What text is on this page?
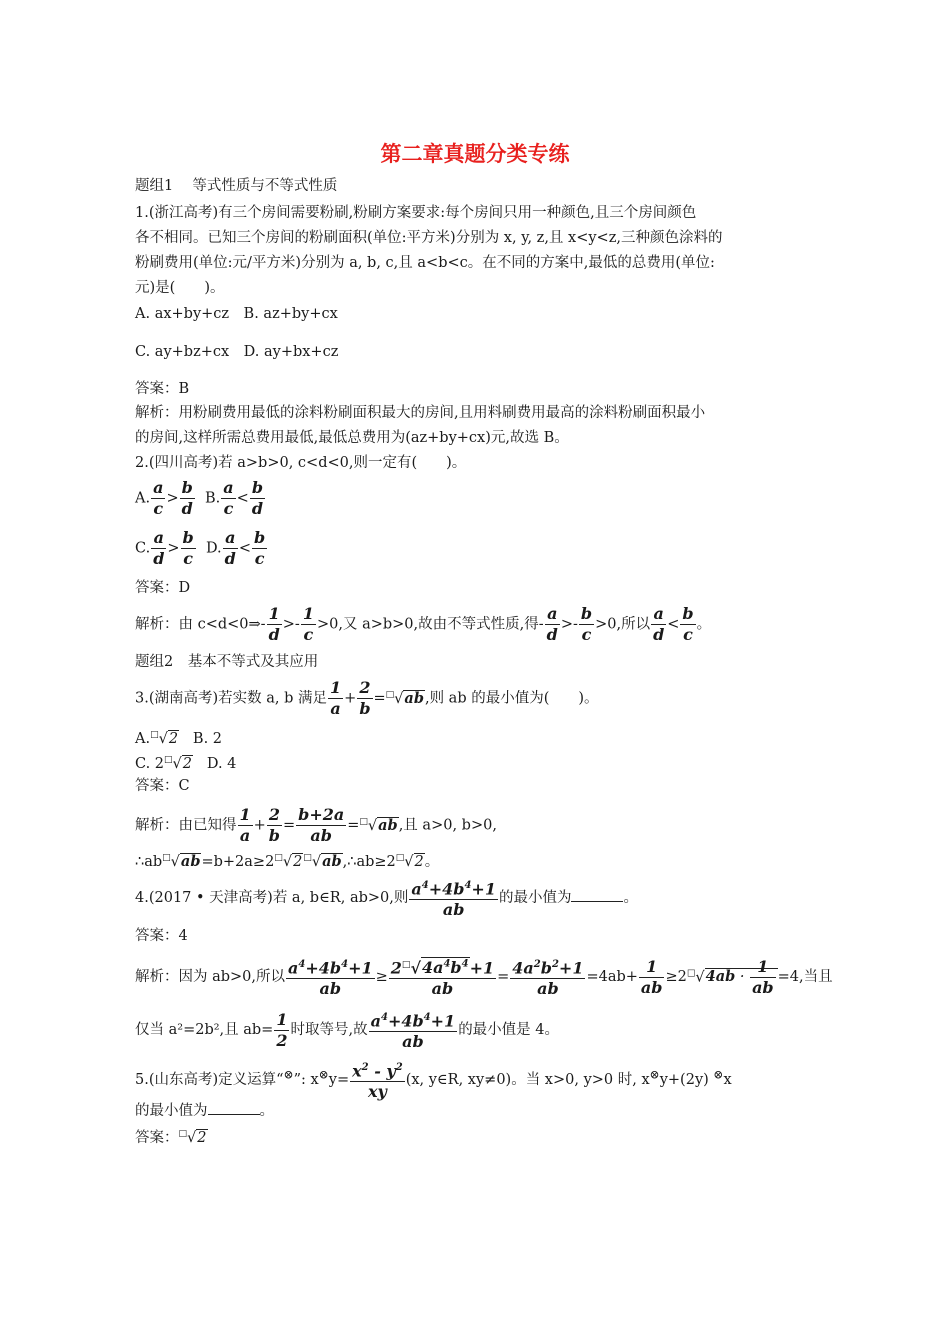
第二章真题分类专练
题组1　 等式性质与不等式性质
1.(浙江高考)有三个房间需要粉刷,粉刷方案要求:每个房间只用一种颜色,且三个房间颜色
各不相同。已知三个房间的粉刷面积(单位:平方米)分别为 x, y, z,且 x<y<z,三种颜色涂料的
粉刷费用(单位:元/平方米)分别为 a, b, c,且 a<b<c。在不同的方案中,最低的总费用(单位:
元)是(　　)。
A. ax+by+cz　B. az+by+cx
C. ay+bz+cx　D. ay+bx+cz
答案：B
解析：用粉刷费用最低的涂料粉刷面积最大的房间,且用料刷费用最高的涂料粉刷面积最小
的房间,这样所需总费用最低,最低总费用为(az+by+cx)元,故选 B。
2.(四川高考)若 a>b>0, c<d<0,则一定有(　　)。
A. $\frac{a}{c} > \frac{b}{d} B$. $\frac{a}{c} < \frac{b}{d}$
C. $\frac{a}{d} > \frac{b}{c} D$. $\frac{a}{d} < \frac{b}{c}$
答案：D
解析：由 c<d<0⇒- $\frac{1}{d} >- \frac{1}{c} >0$,又 a>b>0,故由不等式性质,得- $\frac{a}{d} >- \frac{b}{c} >0$,所以 $\frac{a}{d} < \frac{b}{c}$ 。
题组2　基本不等式及其应用
3.(湖南高考)若实数 a, b 满足 $\frac{1}{a} + \frac{2}{b} =^□√ab$,则 ab 的最小值为(　　)。
A.□√2 B. 2
C. 2□√2 D. 4
答案：C
解析：由已知得 $\frac{1}{a} + \frac{2}{b} = \frac{b+2a}{ab} =^□√ab$,且 a>0, b>0,
∴ab□√ab=b+2a≥2□√2□√ab,∴ab≥2□√2。
4.(2017 • 天津高考)若 a, b∈R, ab>0,则 $\frac{a^4+4b^4+1}{ab}$ 的最小值为	。
答案：4
解析：因为 ab>0,所以 $\frac{a^4+4b^4+1}{ab} \ge \frac{2^□√4a^4b^4+1}{ab} = \frac{4a^2b^2+1}{ab} =4ab+ \frac{1}{ab} \ge 2^□√4ab \cdot \frac{1}{ab} =4$,当且
仅当 a²=2b²,且 $ab= \frac{1}{2}$ 时取等号,故 $\frac{a^4+4b^4+1}{ab}$ 的最小值是 4。
5.(山东高考)定义运算“⊗”: $x^\otimes y= \frac{x^2 - y^2}{xy} (x$, y∈R, xy≠0)。当 x>0, y>0 时, x⊗y+(2y) ⊗x
的最小值为	。
答案：□√2
